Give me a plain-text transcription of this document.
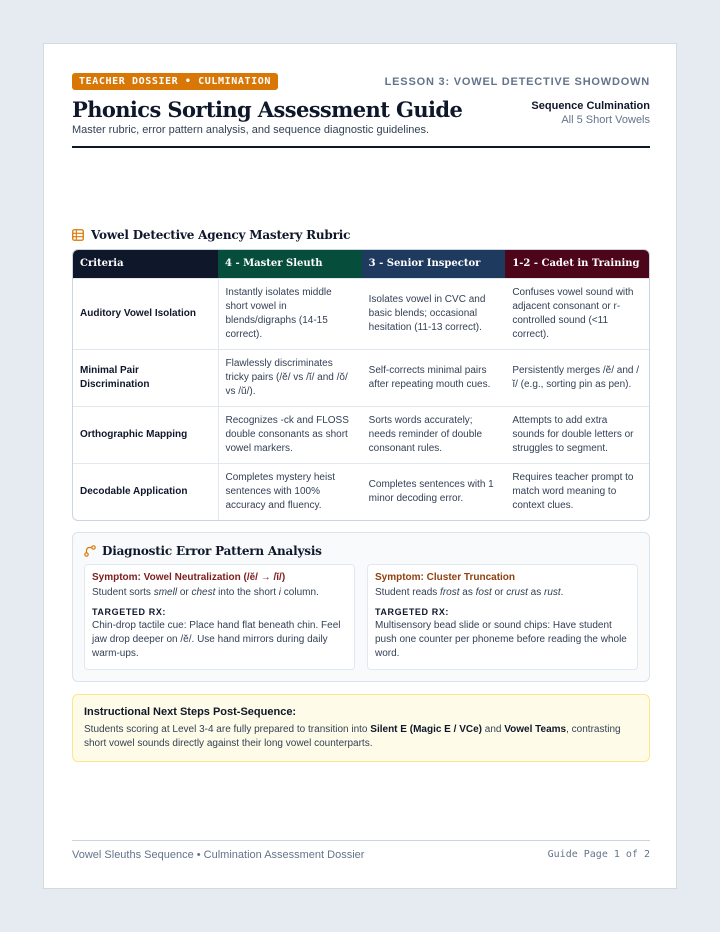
TEACHER DOSSIER • CULMINATION	LESSON 3: VOWEL DETECTIVE SHOWDOWN
Phonics Sorting Assessment Guide
Master rubric, error pattern analysis, and sequence diagnostic guidelines.
Sequence Culmination
All 5 Short Vowels
Vowel Detective Agency Mastery Rubric
Criteria	4 - Master Sleuth	3 - Senior Inspector	1-2 - Cadet in Training
Auditory Vowel Isolation	Instantly isolates middle short vowel in blends/digraphs (14-15 correct).	Isolates vowel in CVC and basic blends; occasional hesitation (11-13 correct).	Confuses vowel sound with adjacent consonant or r-controlled sound (<11 correct).
Minimal Pair Discrimination	Flawlessly discriminates tricky pairs (/ĕ/ vs /ĭ/ and /ŏ/ vs /ŭ/).	Self-corrects minimal pairs after repeating mouth cues.	Persistently merges /ĕ/ and /ĭ/ (e.g., sorting pin as pen).
Orthographic Mapping	Recognizes -ck and FLOSS double consonants as short vowel markers.	Sorts words accurately; needs reminder of double consonant rules.	Attempts to add extra sounds for double letters or struggles to segment.
Decodable Application	Completes mystery heist sentences with 100% accuracy and fluency.	Completes sentences with 1 minor decoding error.	Requires teacher prompt to match word meaning to context clues.
Diagnostic Error Pattern Analysis
Symptom: Vowel Neutralization (/ĕ/ → /ĭ/)

Student sorts smell or chest into the short i column.

TARGETED RX:

Chin-drop tactile cue: Place hand flat beneath chin. Feel jaw drop deeper on /ĕ/. Use hand mirrors during daily warm-ups.

Symptom: Cluster Truncation

Student reads frost as fost or crust as rust.

TARGETED RX:

Multisensory bead slide or sound chips: Have student push one counter per phoneme before reading the whole word.

Instructional Next Steps Post-Sequence:

Students scoring at Level 3-4 are fully prepared to transition into Silent E (Magic E / VCe) and Vowel Teams, contrasting short vowel sounds directly against their long vowel counterparts.

Vowel Sleuths Sequence • Culmination Assessment Dossier	Guide Page 1 of 2
